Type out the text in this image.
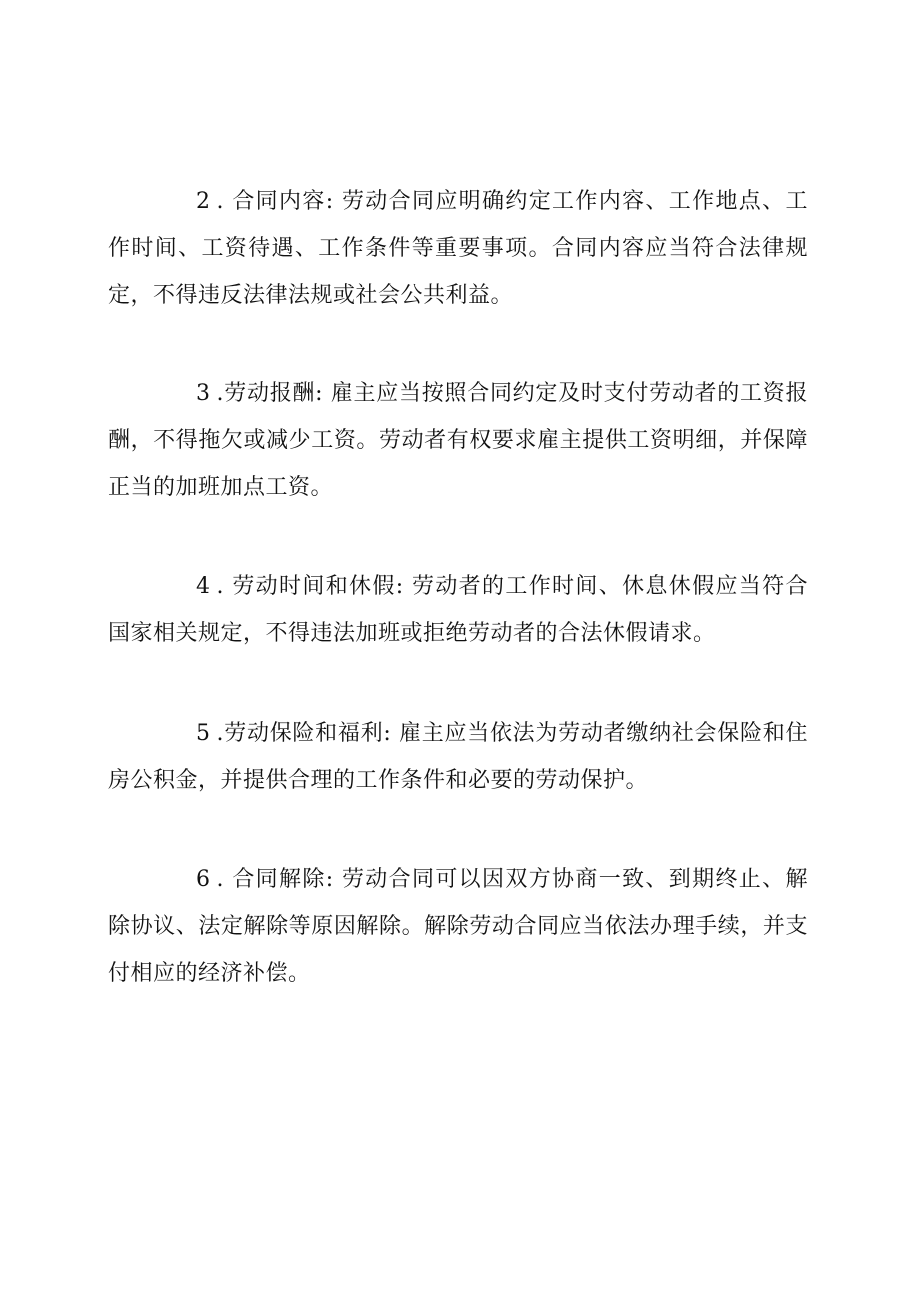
2 . 合同内容: 劳动合同应明确约定工作内容、工作地点、工作时间、工资待遇、工作条件等重要事项。合同内容应当符合法律规定，不得违反法律法规或社会公共利益。

3 .劳动报酬: 雇主应当按照合同约定及时支付劳动者的工资报酬，不得拖欠或减少工资。劳动者有权要求雇主提供工资明细，并保障正当的加班加点工资。

4 . 劳动时间和休假: 劳动者的工作时间、休息休假应当符合国家相关规定，不得违法加班或拒绝劳动者的合法休假请求。

5 .劳动保险和福利: 雇主应当依法为劳动者缴纳社会保险和住房公积金，并提供合理的工作条件和必要的劳动保护。

6 . 合同解除: 劳动合同可以因双方协商一致、到期终止、解除协议、法定解除等原因解除。解除劳动合同应当依法办理手续，并支付相应的经济补偿。
